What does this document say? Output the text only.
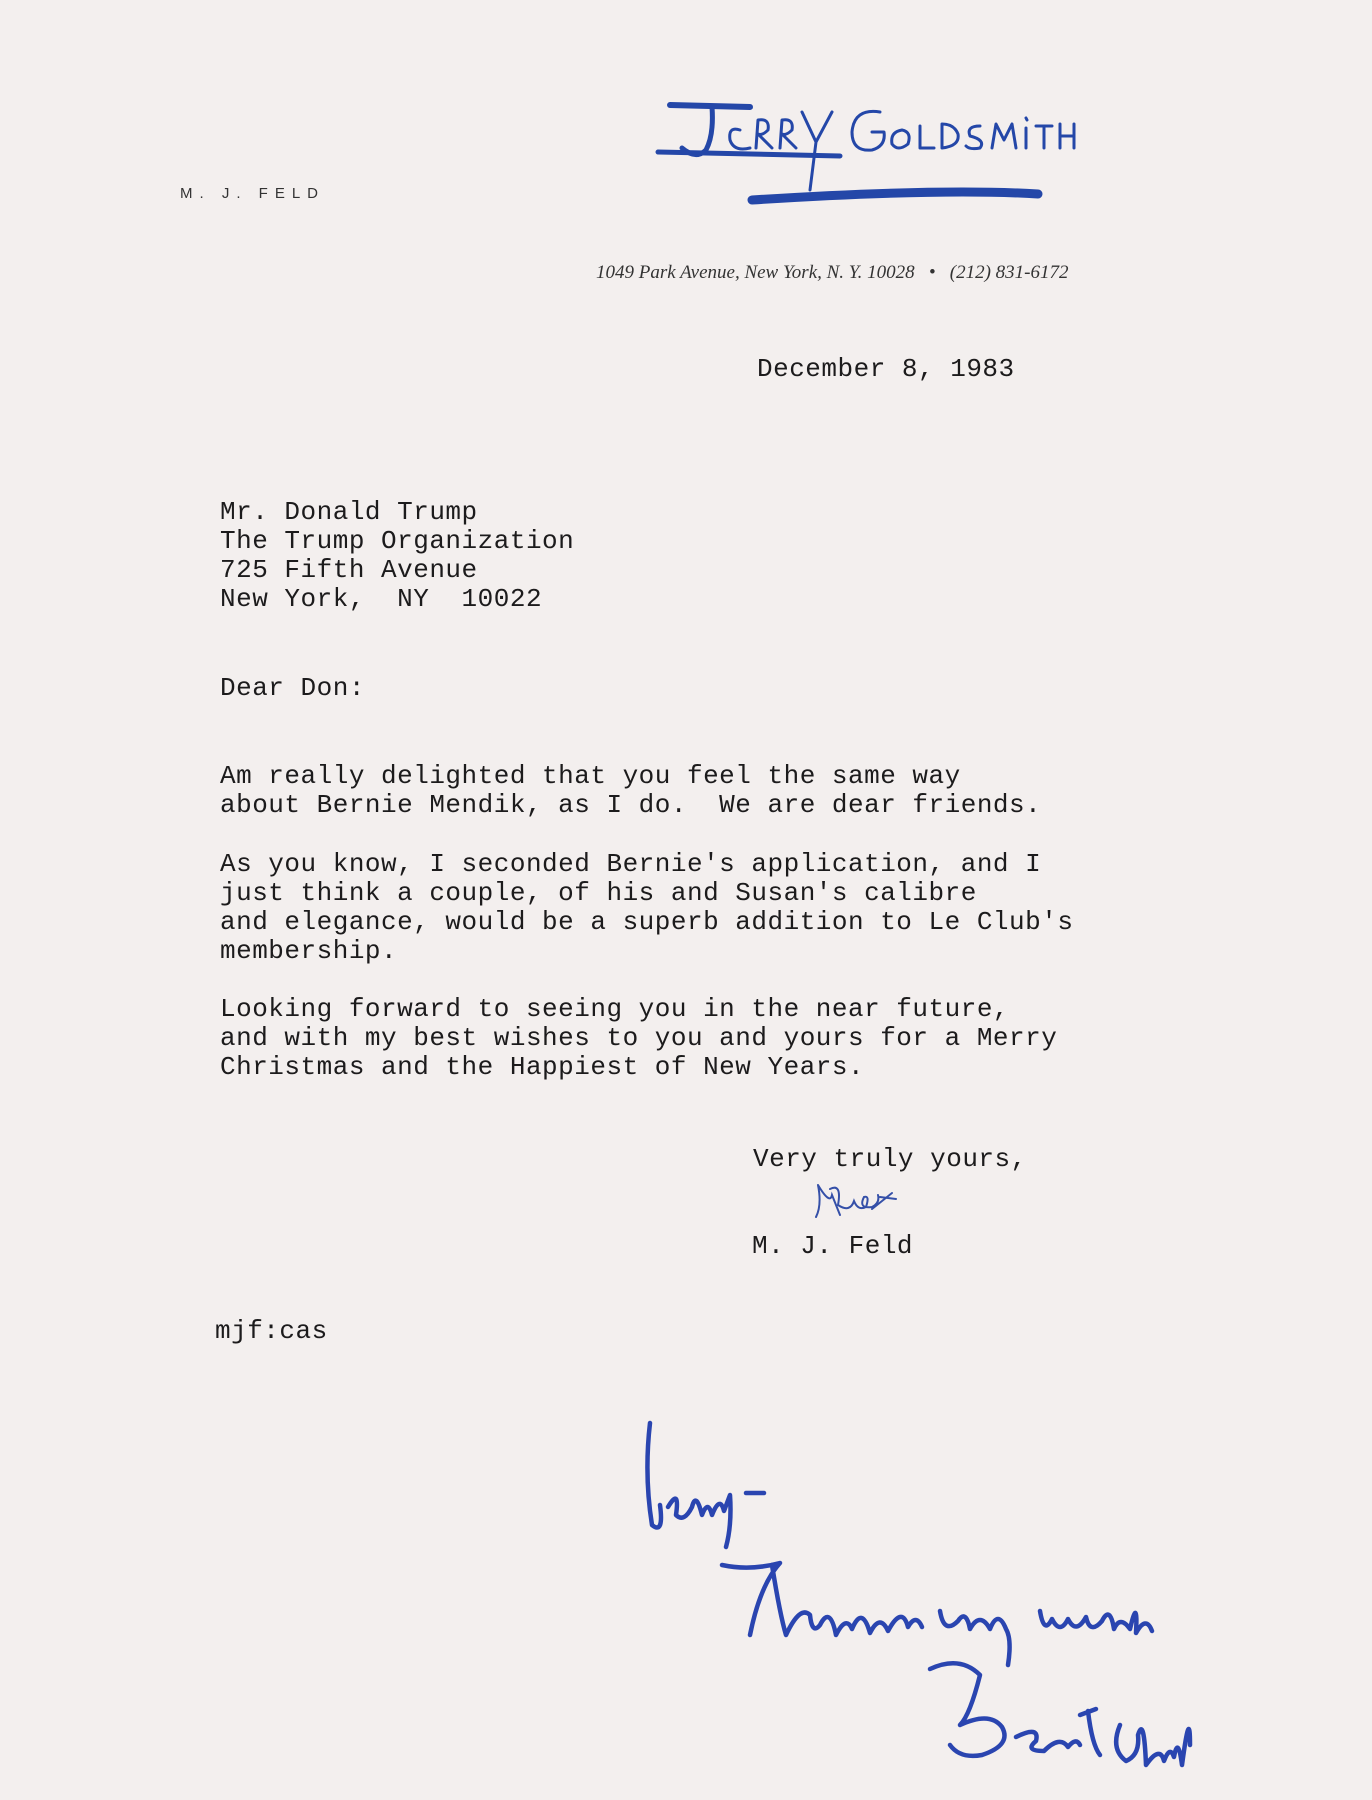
M. J. FELD
1049 Park Avenue, New York, N. Y. 10028 • (212) 831-6172
December 8, 1983
Mr. Donald Trump
The Trump Organization
725 Fifth Avenue
New York,  NY  10022
Dear Don:
Am really delighted that you feel the same way
about Bernie Mendik, as I do.  We are dear friends.
As you know, I seconded Bernie's application, and I
just think a couple, of his and Susan's calibre
and elegance, would be a superb addition to Le Club's
membership.
Looking forward to seeing you in the near future,
and with my best wishes to you and yours for a Merry
Christmas and the Happiest of New Years.
Very truly yours,
M. J. Feld
mjf:cas
